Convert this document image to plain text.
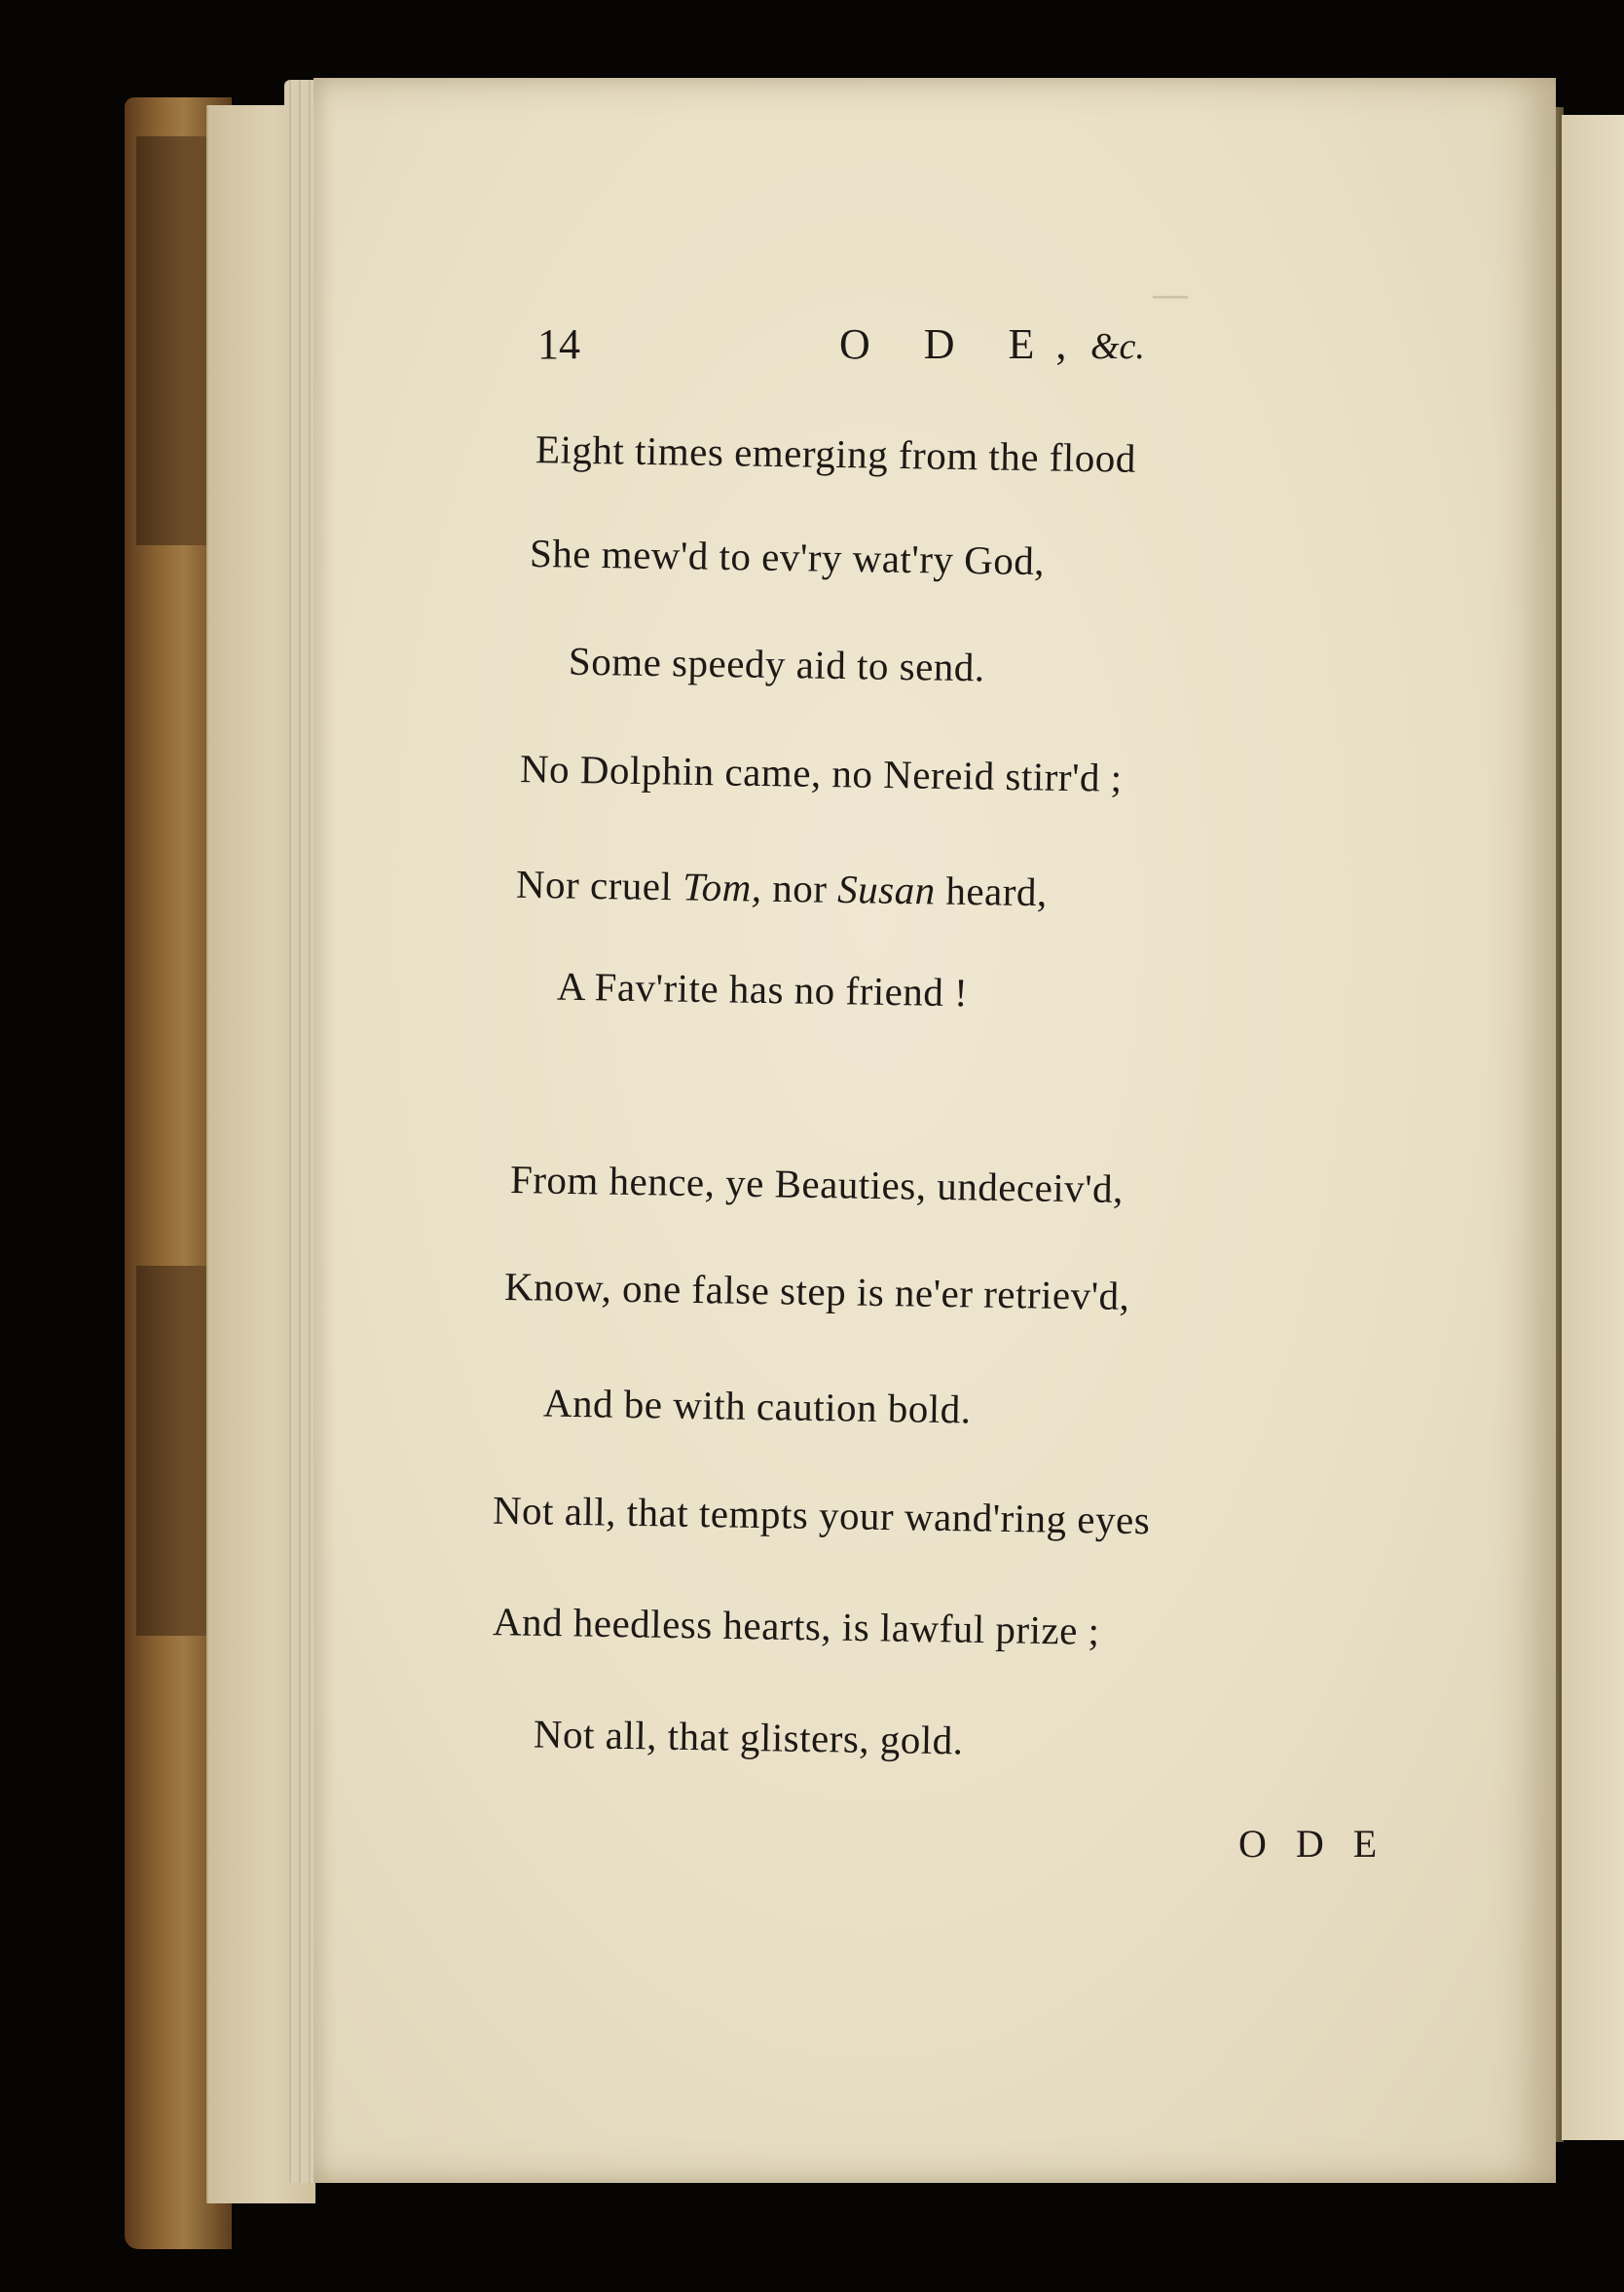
—
14	O D E, &c.
Eight times emerging from the flood
She mew'd to ev'ry wat'ry God,
Some speedy aid to send.
No Dolphin came, no Nereid stirr'd ;
Nor cruel Tom, nor Susan heard,
A Fav'rite has no friend !
From hence, ye Beauties, undeceiv'd,
Know, one false step is ne'er retriev'd,
And be with caution bold.
Not all, that tempts your wand'ring eyes
And heedless hearts, is lawful prize ;
Not all, that glisters, gold.
O D E
